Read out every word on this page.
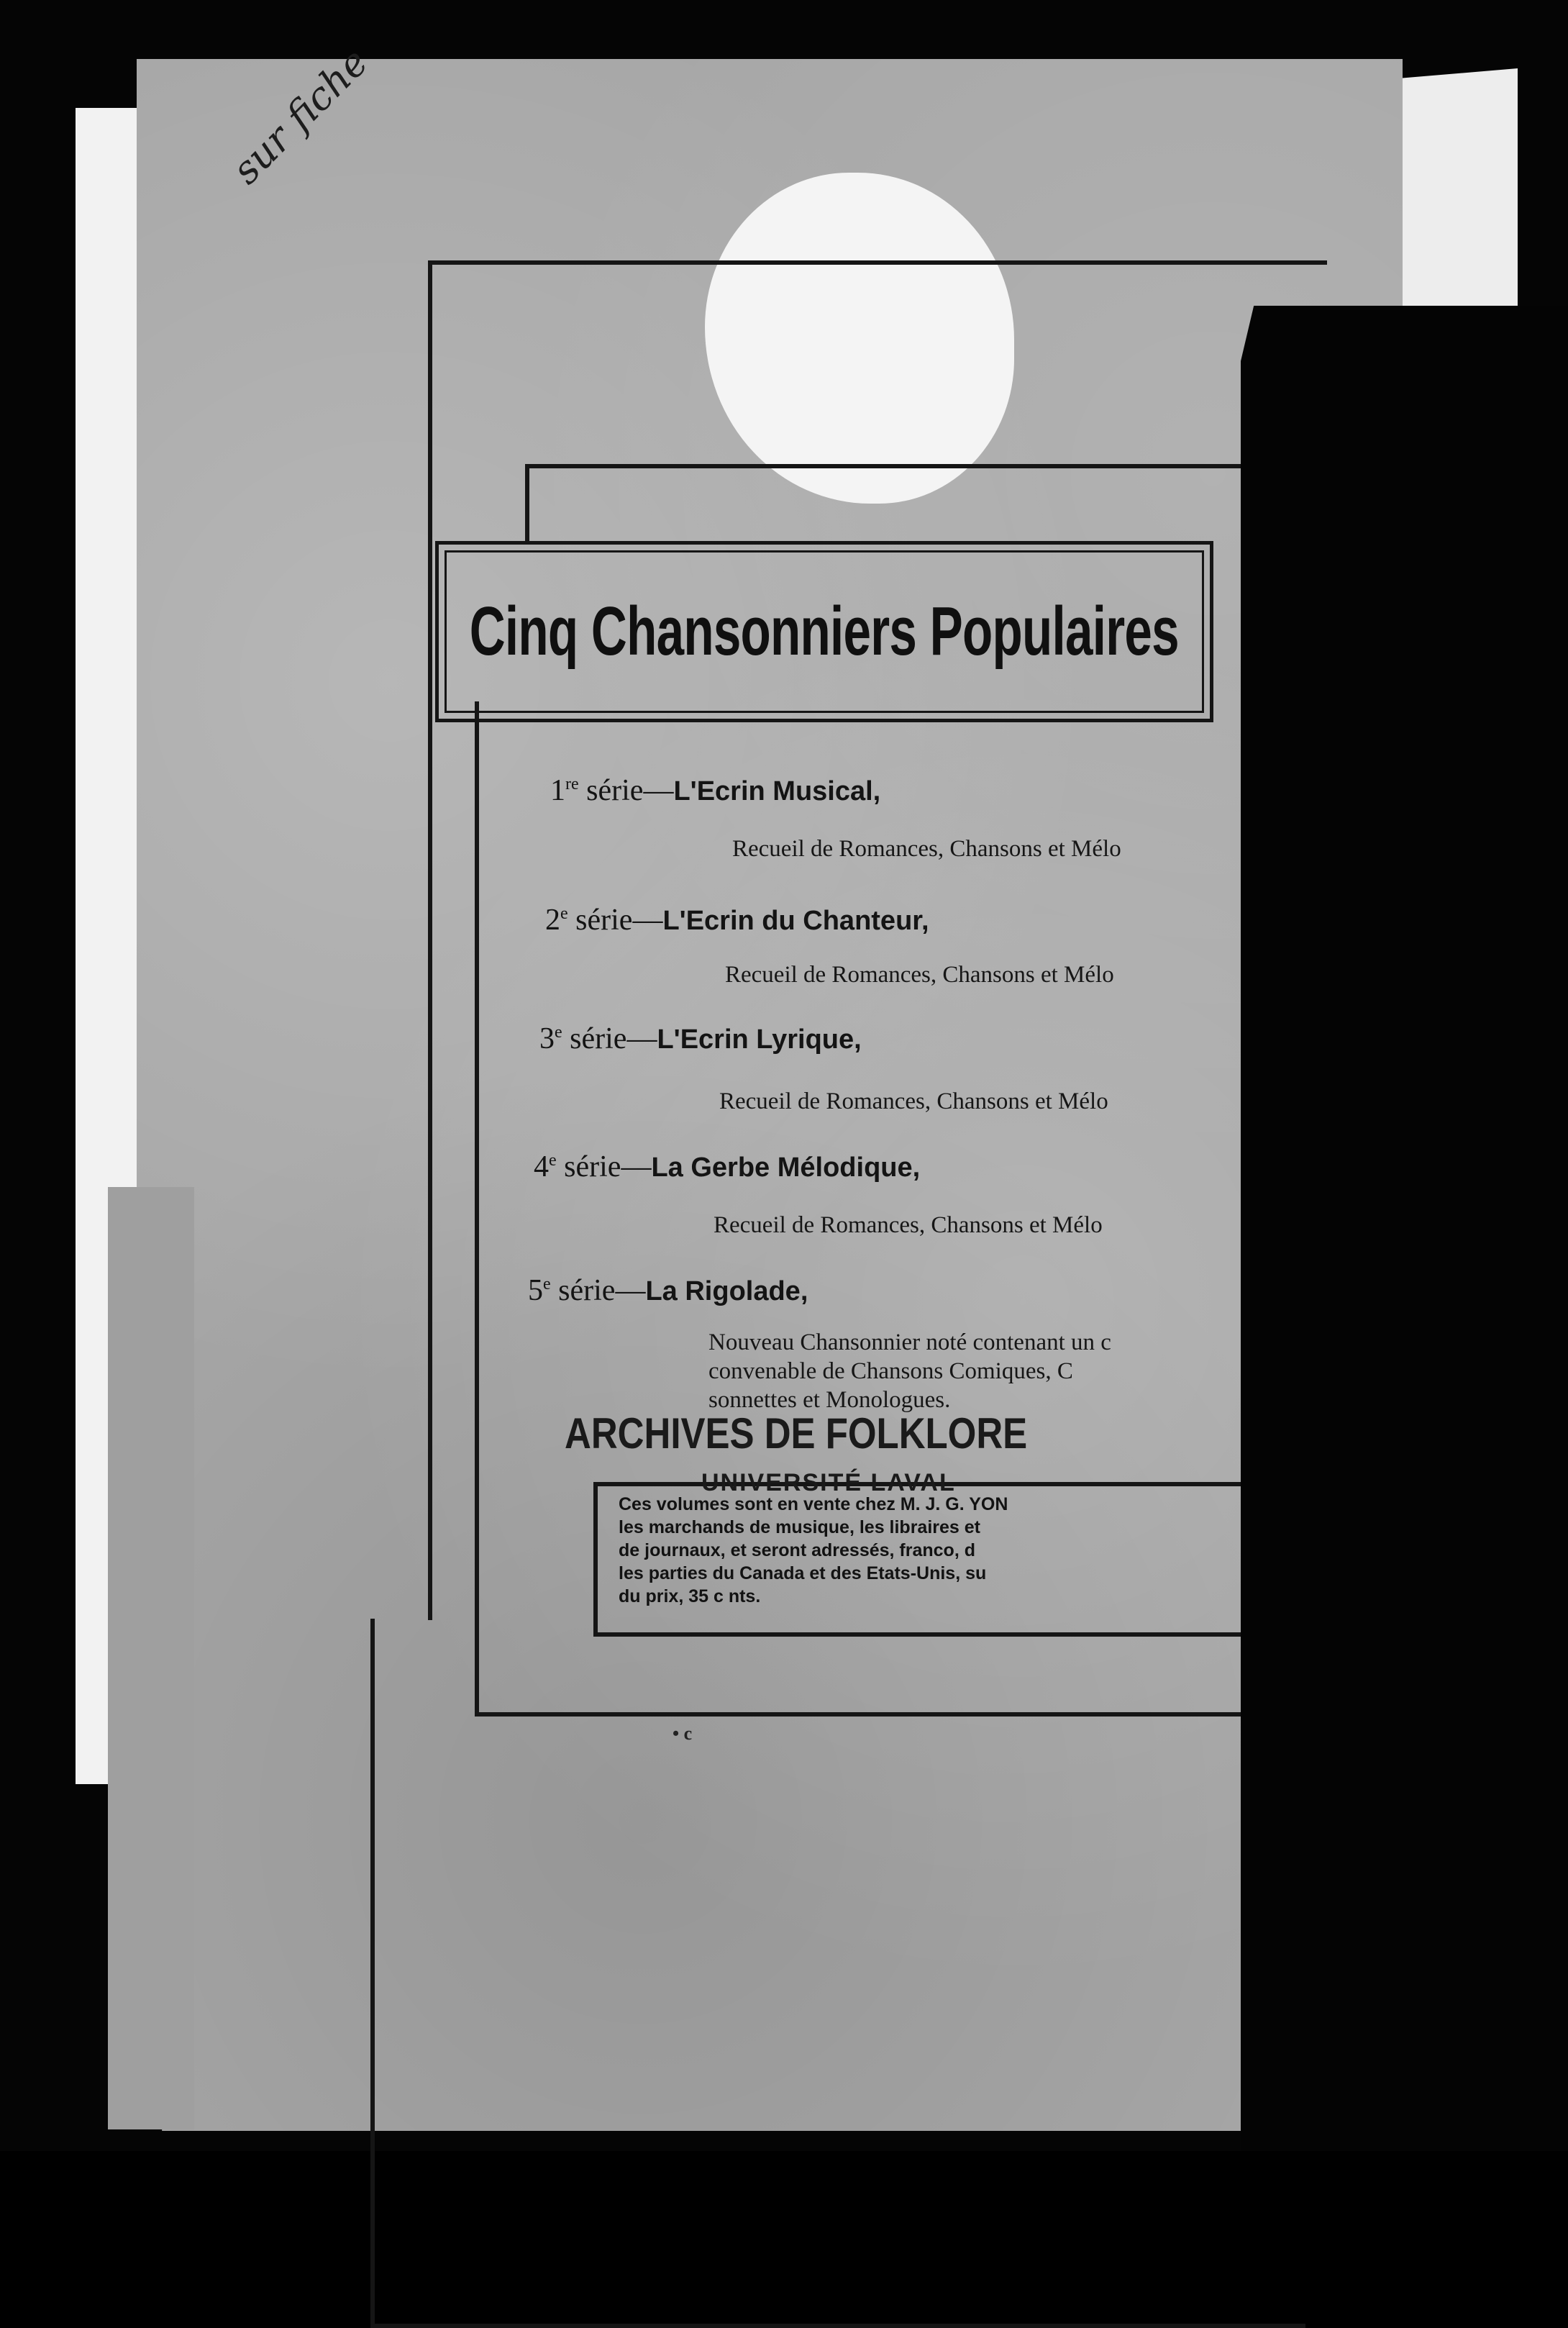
sur fiche
Cinq Chansonniers Populaires
1re série—L'Ecrin Musical,
Recueil de Romances, Chansons et Mélo
2e série—L'Ecrin du Chanteur,
Recueil de Romances, Chansons et Mélo
3e série—L'Ecrin Lyrique,
Recueil de Romances, Chansons et Mélo
4e série—La Gerbe Mélodique,
Recueil de Romances, Chansons et Mélo
5e série—La Rigolade,
Nouveau Chansonnier noté contenant un c
convenable de Chansons Comiques, C
sonnettes et Monologues.
ARCHIVES DE FOLKLORE
UNIVERSITÉ LAVAL
Ces volumes sont en vente chez M. J. G. YON
les marchands de musique, les libraires et
de journaux, et seront adressés, franco, d
les parties du Canada et des Etats-Unis, su
du prix, 35 c nts.
• c
